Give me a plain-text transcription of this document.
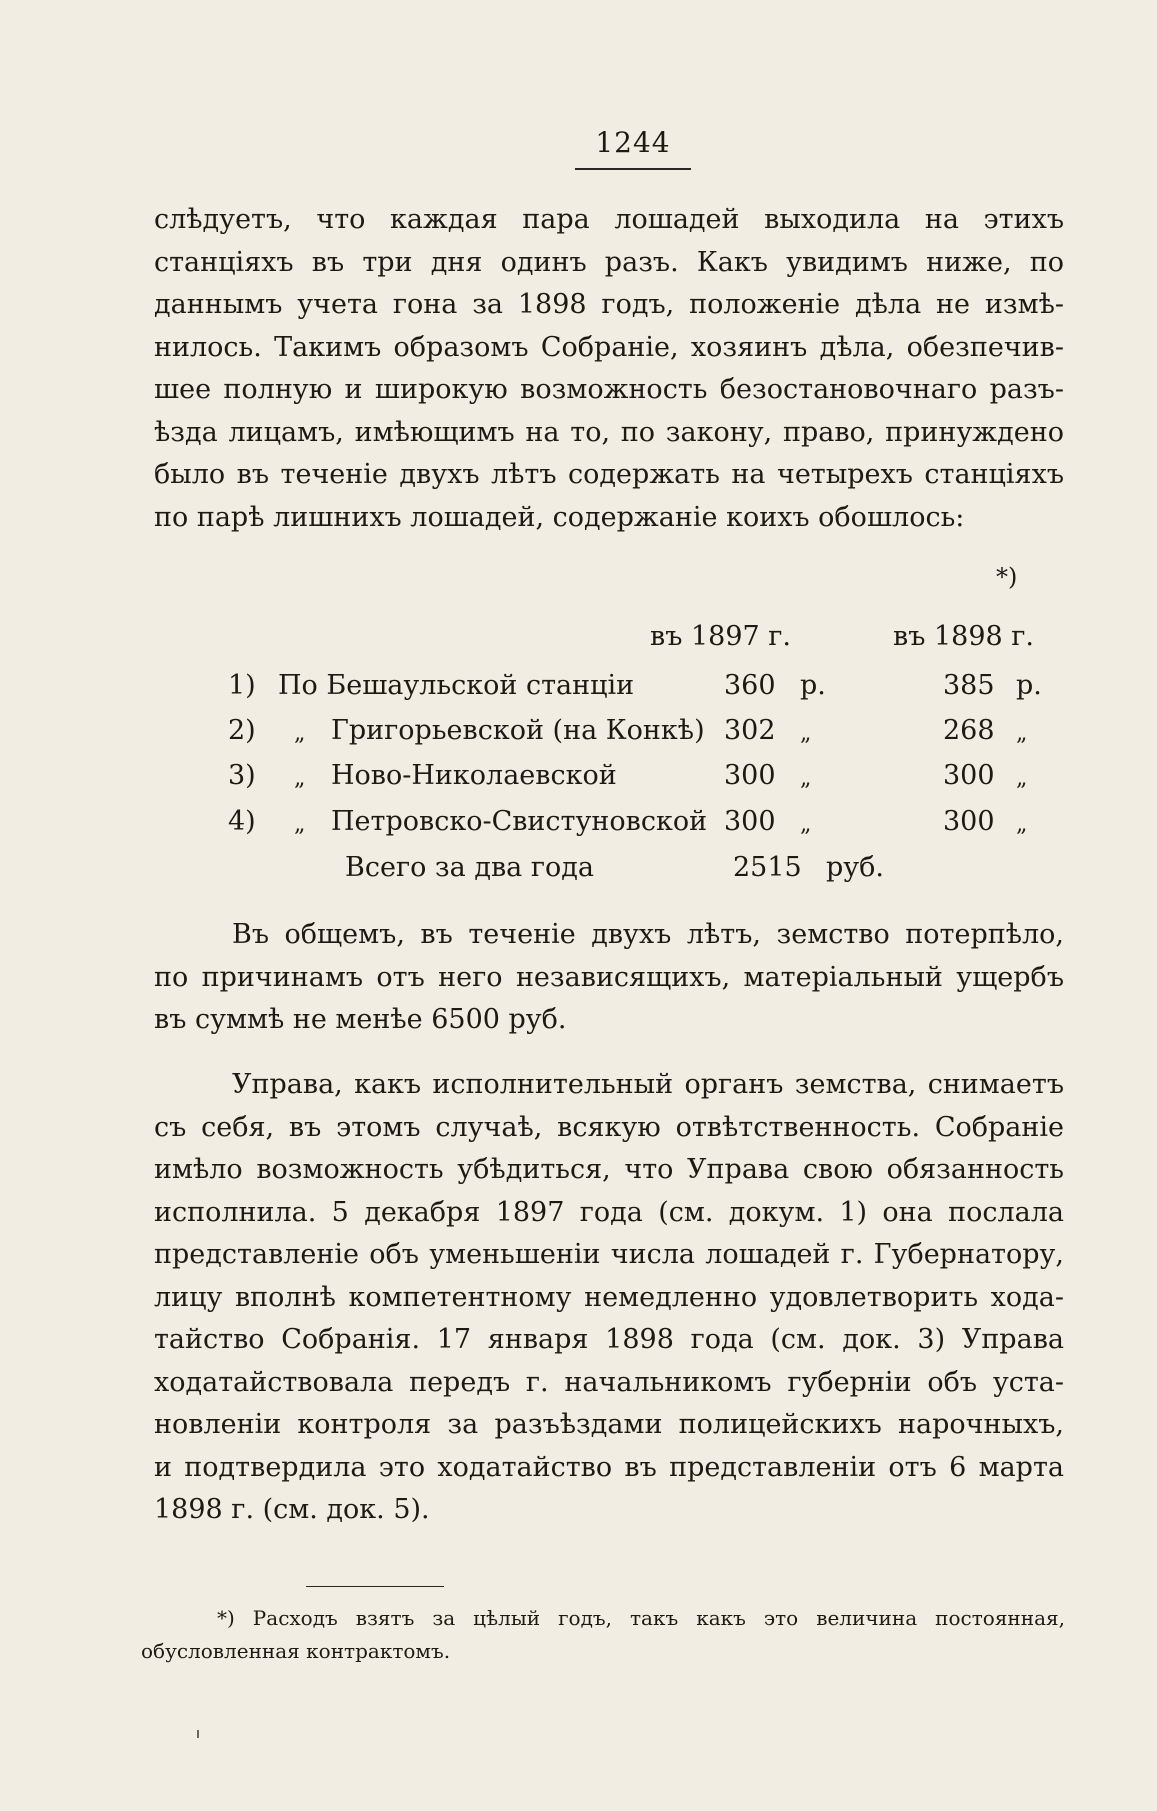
1244

слѣдуетъ, что каждая пара лошадей выходила на этихъ
станціяхъ въ три дня одинъ разъ. Какъ увидимъ ниже, по
даннымъ учета гона за 1898 годъ, положеніе дѣла не измѣ-
нилось. Такимъ образомъ Собраніе, хозяинъ дѣла, обезпечив-
шее полную и широкую возможность безостановочнаго разъ-
ѣзда лицамъ, имѣющимъ на то, по закону, право, принуждено
было въ теченіе двухъ лѣтъ содержать на четырехъ станціяхъ
по парѣ лишнихъ лошадей, содержаніе коихъ обошлось:

*)
въ 1897 г.	въ 1898 г.
1) По Бешаульской станціи	360 р.	385 р.
2) „ Григорьевской (на Конкѣ) 302 „	268 „
3) „ Ново-Николаевской	300 „	300 „
4) „ Петровско-Свистуновской 300 „	300 „
Всего за два года	2515 руб.

Въ общемъ, въ теченіе двухъ лѣтъ, земство потерпѣло,
по причинамъ отъ него независящихъ, матеріальный ущербъ
въ суммѣ не менѣе 6500 руб.

Управа, какъ исполнительный органъ земства, снимаетъ
съ себя, въ этомъ случаѣ, всякую отвѣтственность. Собраніе
имѣло возможность убѣдиться, что Управа свою обязанность
исполнила. 5 декабря 1897 года (см. докум. 1) она послала
представленіе объ уменьшеніи числа лошадей г. Губернатору,
лицу вполнѣ компетентному немедленно удовлетворить хода-
тайство Собранія. 17 января 1898 года (см. док. 3) Управа
ходатайствовала передъ г. начальникомъ губерніи объ уста-
новленіи контроля за разъѣздами полицейскихъ нарочныхъ,
и подтвердила это ходатайство въ представленіи отъ 6 марта
1898 г. (см. док. 5).

*) Расходъ взятъ за цѣлый годъ, такъ какъ это величина постоянная,
обусловленная контрактомъ.
